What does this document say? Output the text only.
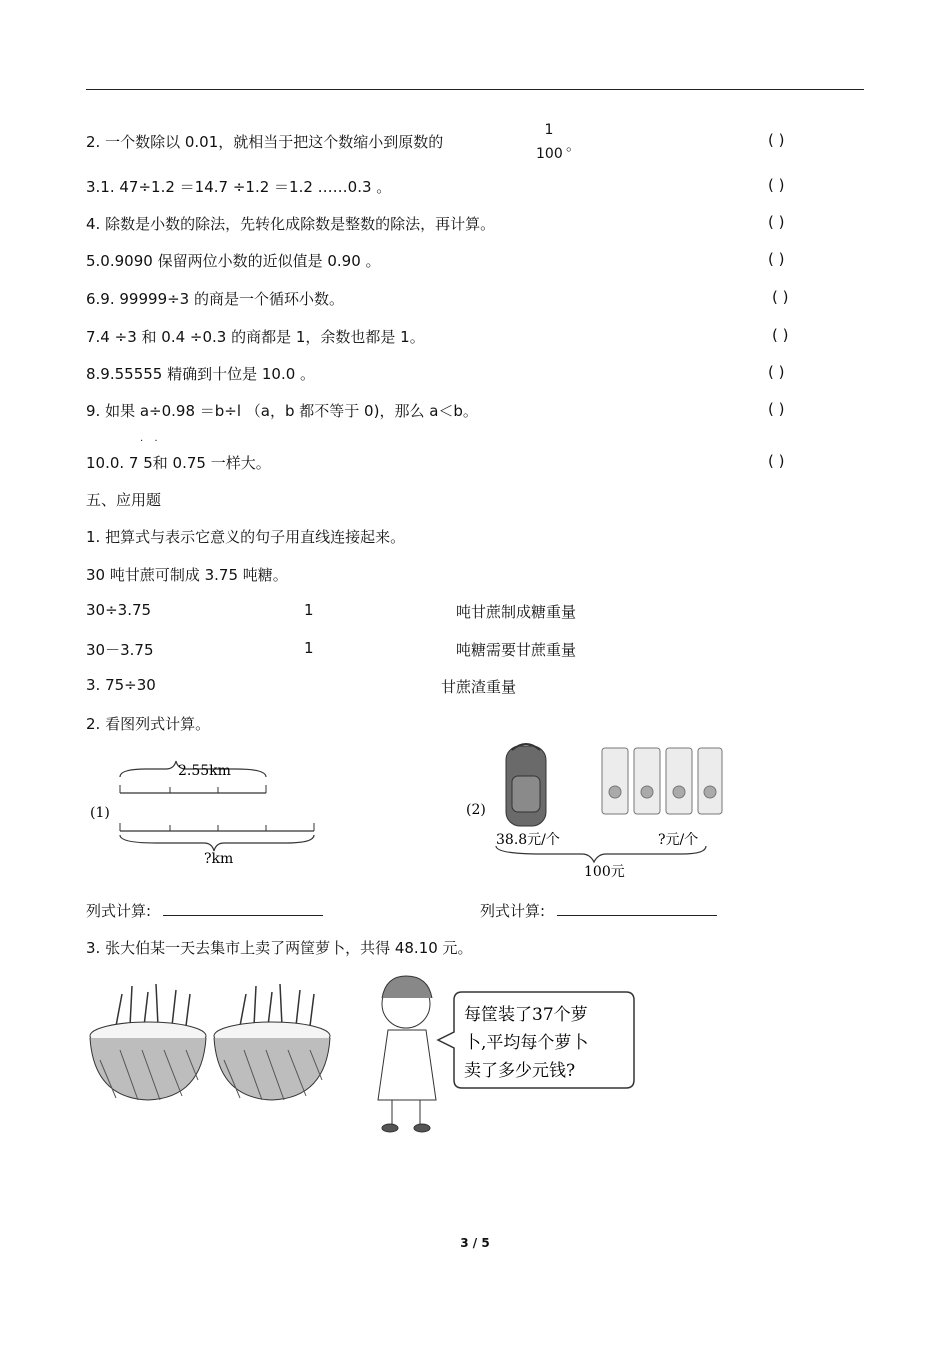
2. 一个数除以 0.01，就相当于把这个数缩小到原数的
1
100 。	( )
3.1. 47÷1.2 ＝14.7 ÷1.2 ＝1.2 ……0.3 。	( )
4. 除数是小数的除法，先转化成除数是整数的除法，再计算。	( )
5.0.9090 保留两位小数的近似值是 0.90 。	( )
6.9. 99999÷3 的商是一个循环小数。	( )
7.4 ÷3 和 0.4 ÷0.3 的商都是 1，余数也都是 1。	( )
8.9.55555 精确到十位是 10.0 。	( )
9. 如果 a÷0.98 ＝b÷l （a，b 都不等于 0)，那么 a＜b。	( )
· ·
10.0. 7 5和 0.75 一样大。	( )
五、应用题
1. 把算式与表示它意义的句子用直线连接起来。
30 吨甘蔗可制成 3.75 吨糖。
30÷3.75	1	吨甘蔗制成糖重量
30－3.75	1	吨糖需要甘蔗重量
3. 75÷30	甘蔗渣重量
2. 看图列式计算。
2.55km
(1)
?km
(2)
38.8元/个	?元/个
100元
列式计算:	列式计算:
3. 张大伯某一天去集市上卖了两筐萝卜，共得 48.10 元。
每筐装了37个萝
卜,平均每个萝卜
卖了多少元钱?
3 / 5
